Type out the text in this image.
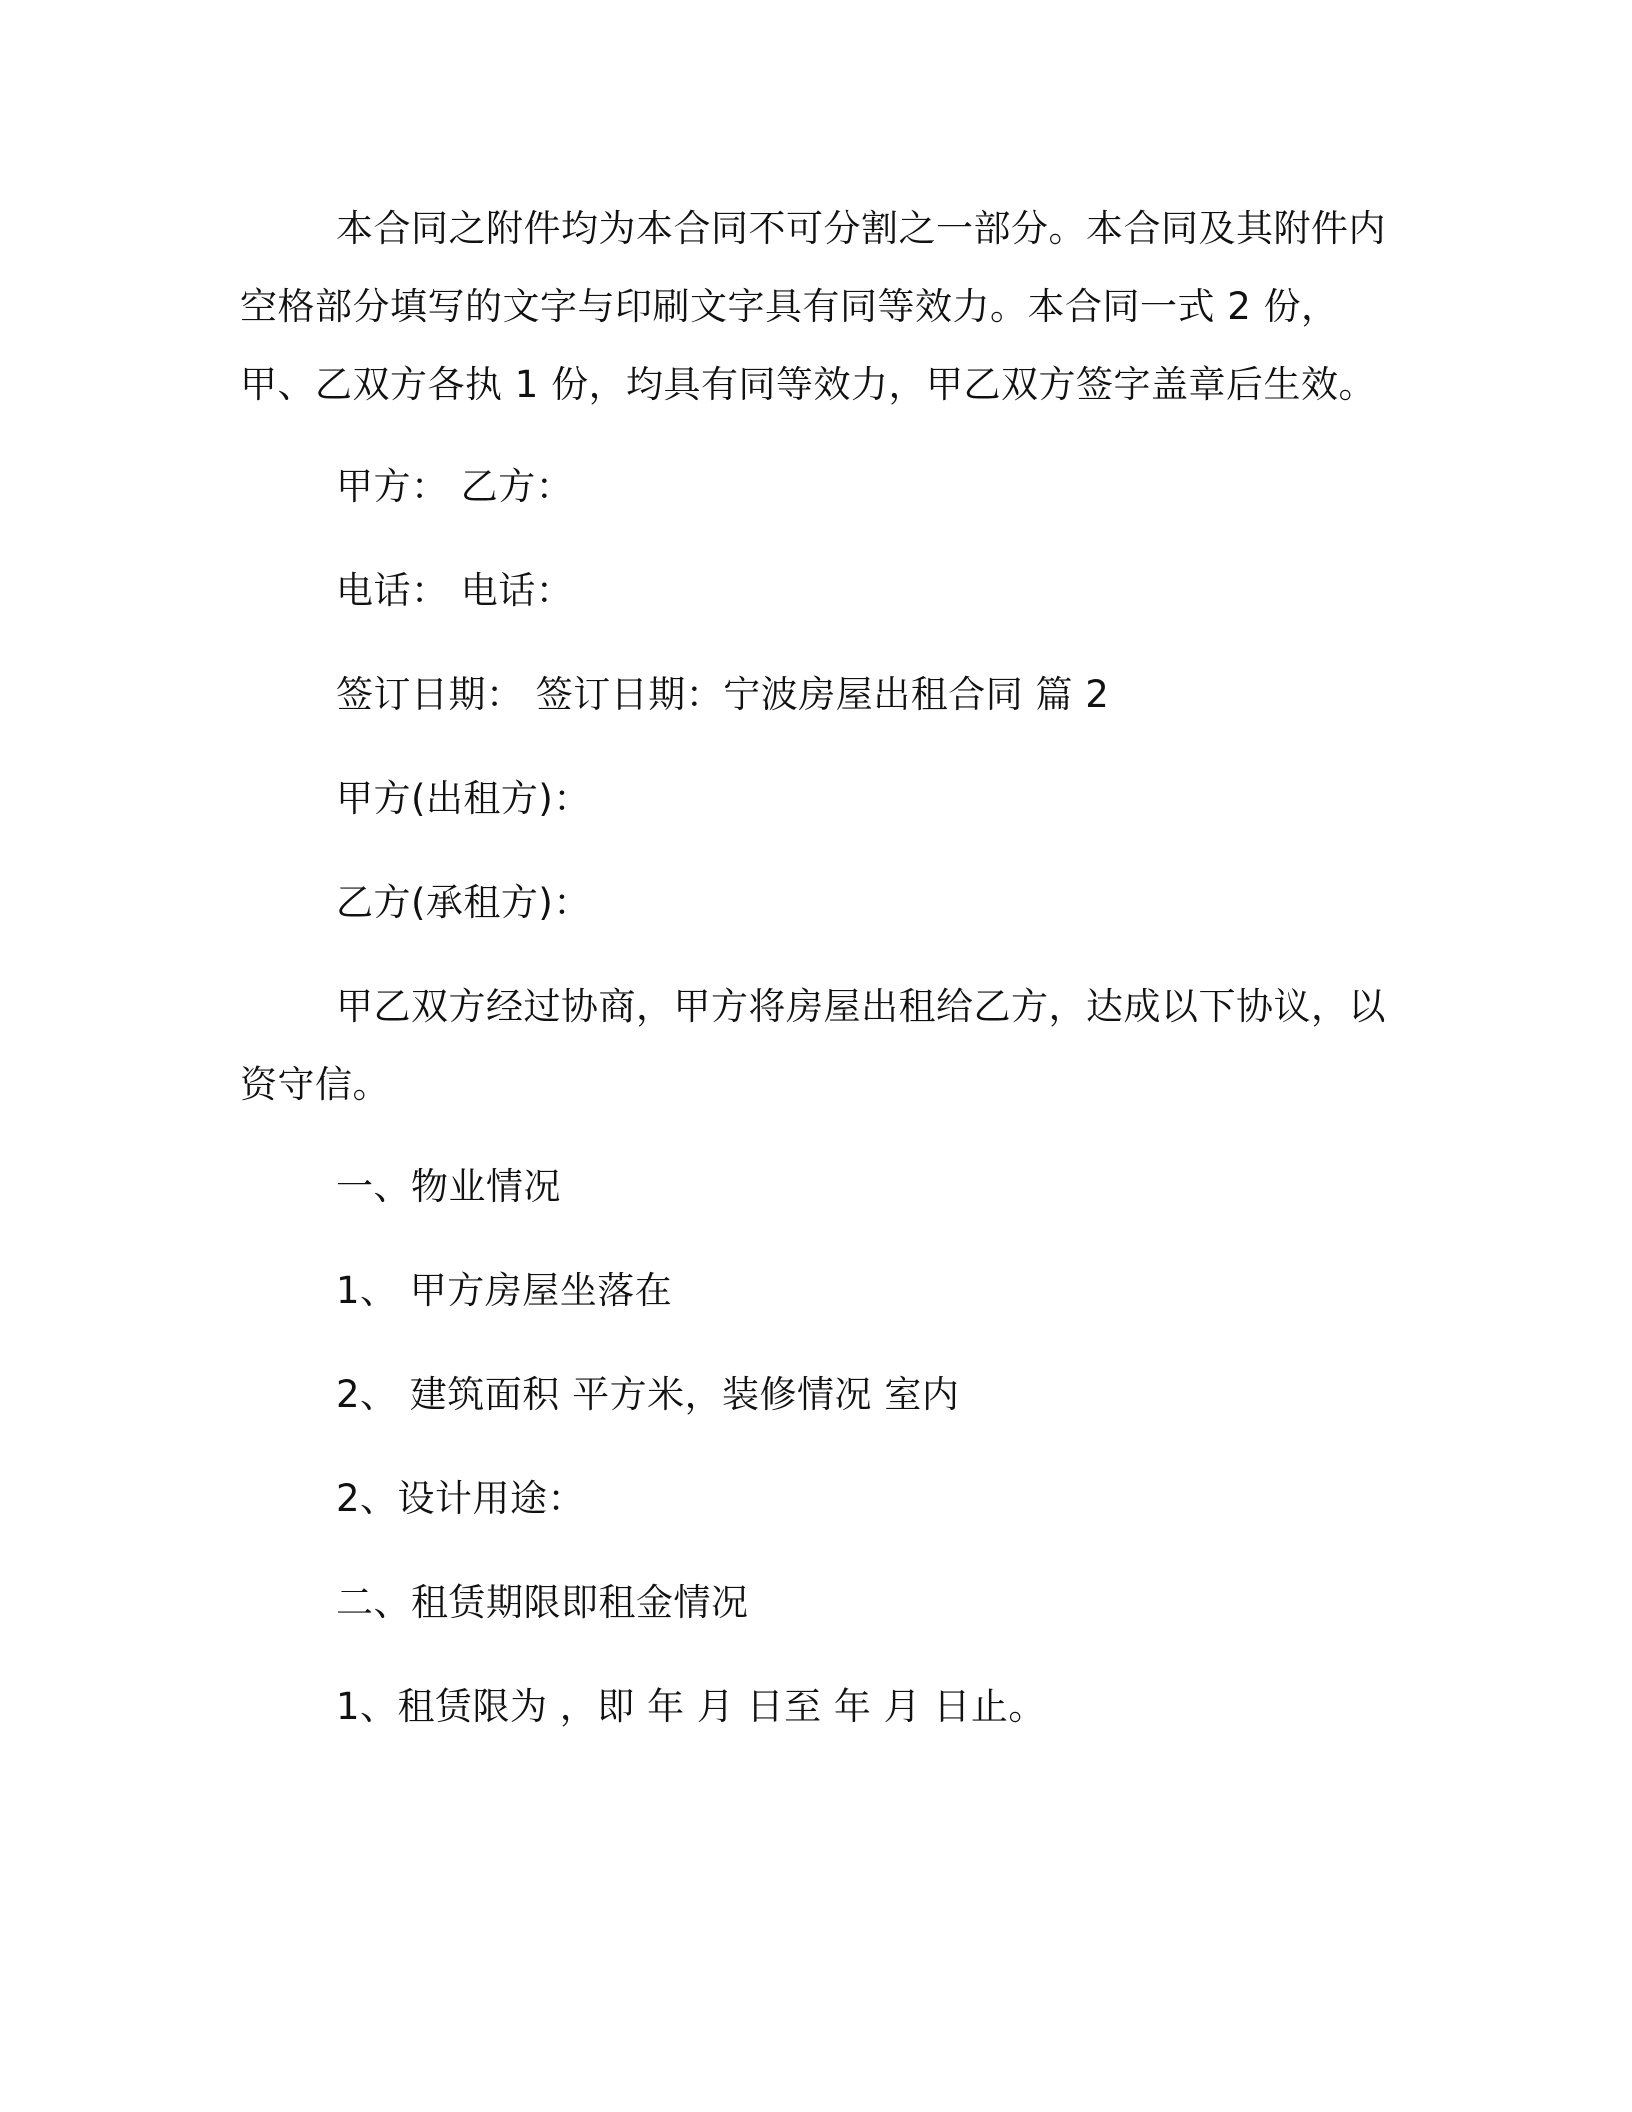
本合同之附件均为本合同不可分割之一部分。本合同及其附件内空格部分填写的文字与印刷文字具有同等效力。本合同一式 2 份，甲、乙双方各执 1 份，均具有同等效力，甲乙双方签字盖章后生效。

甲方： 乙方：

电话： 电话：

签订日期： 签订日期：宁波房屋出租合同 篇 2

甲方(出租方)：

乙方(承租方)：

甲乙双方经过协商，甲方将房屋出租给乙方，达成以下协议，以资守信。

一、物业情况

1、 甲方房屋坐落在

2、 建筑面积 平方米，装修情况 室内

2、设计用途：

二、租赁期限即租金情况

1、租赁限为 ，即 年 月 日至 年 月 日止。
